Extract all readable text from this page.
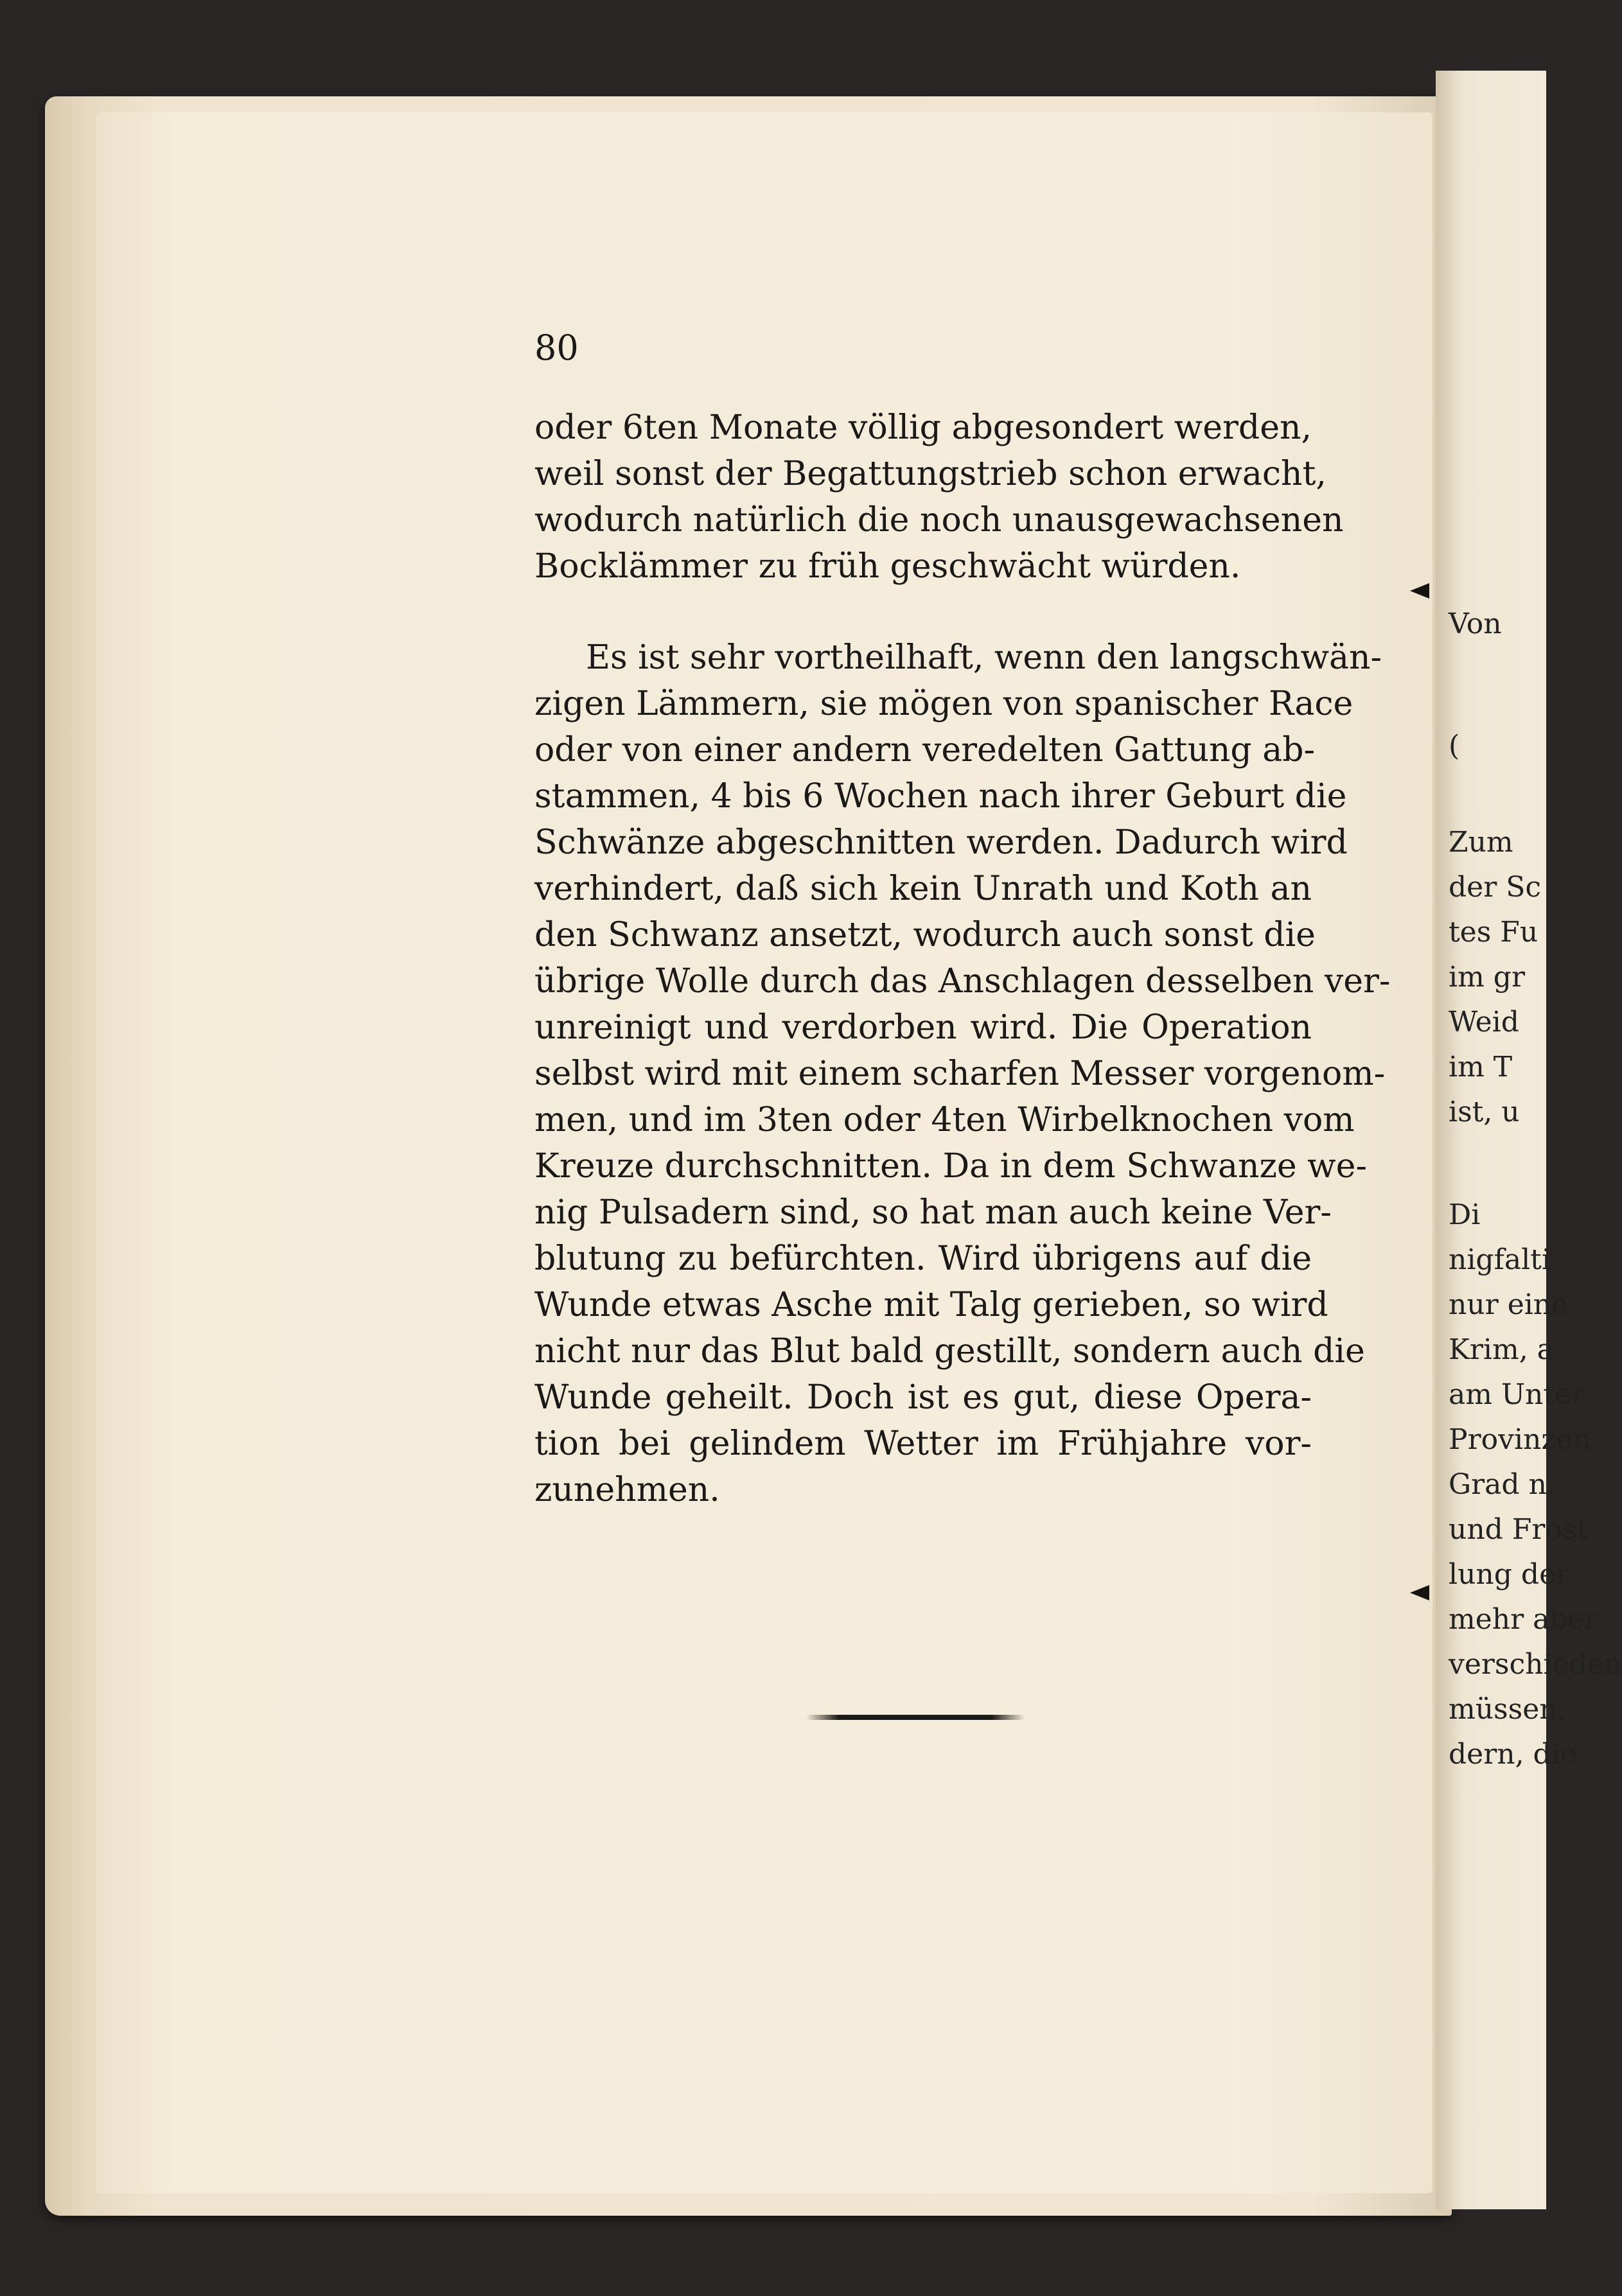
Von
(
Zum
der Sc
tes Fu
im gr
Weid
im T
ist, u
Di
nigfalti
nur eine
Krim, a
am Unter
Provinzen
Grad n.
und Frost
lung der
mehr aber
verschieden
müssen,
dern, die
80
oder 6ten Monate völlig abgesondert werden,
weil sonst der Begattungstrieb schon erwacht,
wodurch natürlich die noch unausgewachsenen
Bocklämmer zu früh geschwächt würden.
Es ist sehr vortheilhaft, wenn den langschwän-
zigen Lämmern, sie mögen von spanischer Race
oder von einer andern veredelten Gattung ab-
stammen, 4 bis 6 Wochen nach ihrer Geburt die
Schwänze abgeschnitten werden. Dadurch wird
verhindert, daß sich kein Unrath und Koth an
den Schwanz ansetzt, wodurch auch sonst die
übrige Wolle durch das Anschlagen desselben ver-
unreinigt und verdorben wird. Die Operation
selbst wird mit einem scharfen Messer vorgenom-
men, und im 3ten oder 4ten Wirbelknochen vom
Kreuze durchschnitten. Da in dem Schwanze we-
nig Pulsadern sind, so hat man auch keine Ver-
blutung zu befürchten. Wird übrigens auf die
Wunde etwas Asche mit Talg gerieben, so wird
nicht nur das Blut bald gestillt, sondern auch die
Wunde geheilt. Doch ist es gut, diese Opera-
tion bei gelindem Wetter im Frühjahre vor-
zunehmen.
